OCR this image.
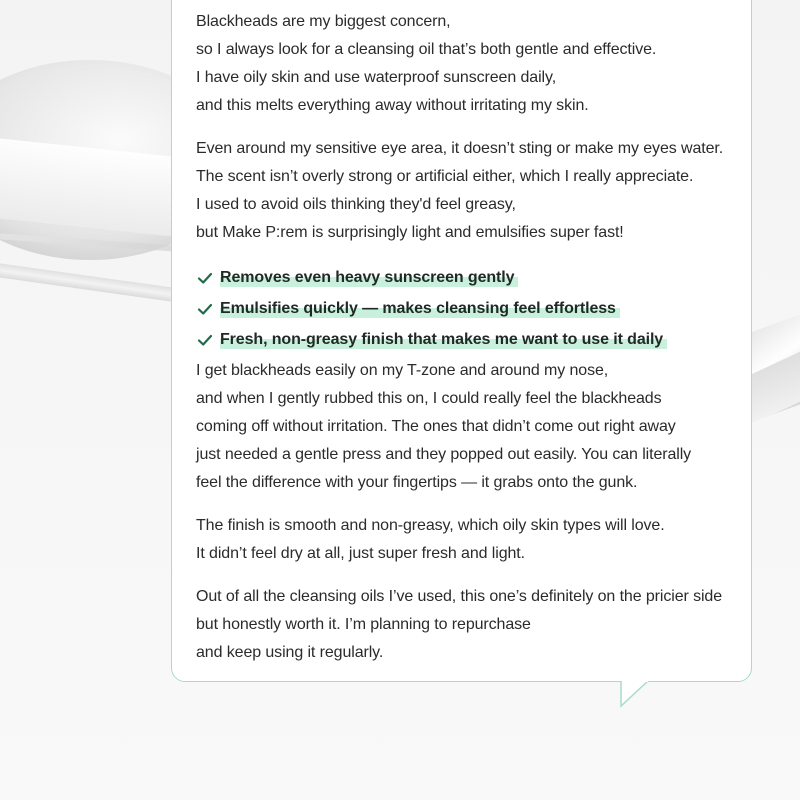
Blackheads are my biggest concern,
so I always look for a cleansing oil that’s both gentle and effective.
I have oily skin and use waterproof sunscreen daily,
and this melts everything away without irritating my skin.
Even around my sensitive eye area, it doesn’t sting or make my eyes water.
The scent isn’t overly strong or artificial either, which I really appreciate.
I used to avoid oils thinking they'd feel greasy,
but Make P:rem is surprisingly light and emulsifies super fast!
Removes even heavy sunscreen gently
Emulsifies quickly — makes cleansing feel effortless
Fresh, non-greasy finish that makes me want to use it daily
I get blackheads easily on my T-zone and around my nose,
and when I gently rubbed this on, I could really feel the blackheads
coming off without irritation. The ones that didn’t come out right away
just needed a gentle press and they popped out easily. You can literally
feel the difference with your fingertips — it grabs onto the gunk.
The finish is smooth and non-greasy, which oily skin types will love.
It didn’t feel dry at all, just super fresh and light.
Out of all the cleansing oils I’ve used, this one’s definitely on the pricier side
but honestly worth it. I’m planning to repurchase
and keep using it regularly.
